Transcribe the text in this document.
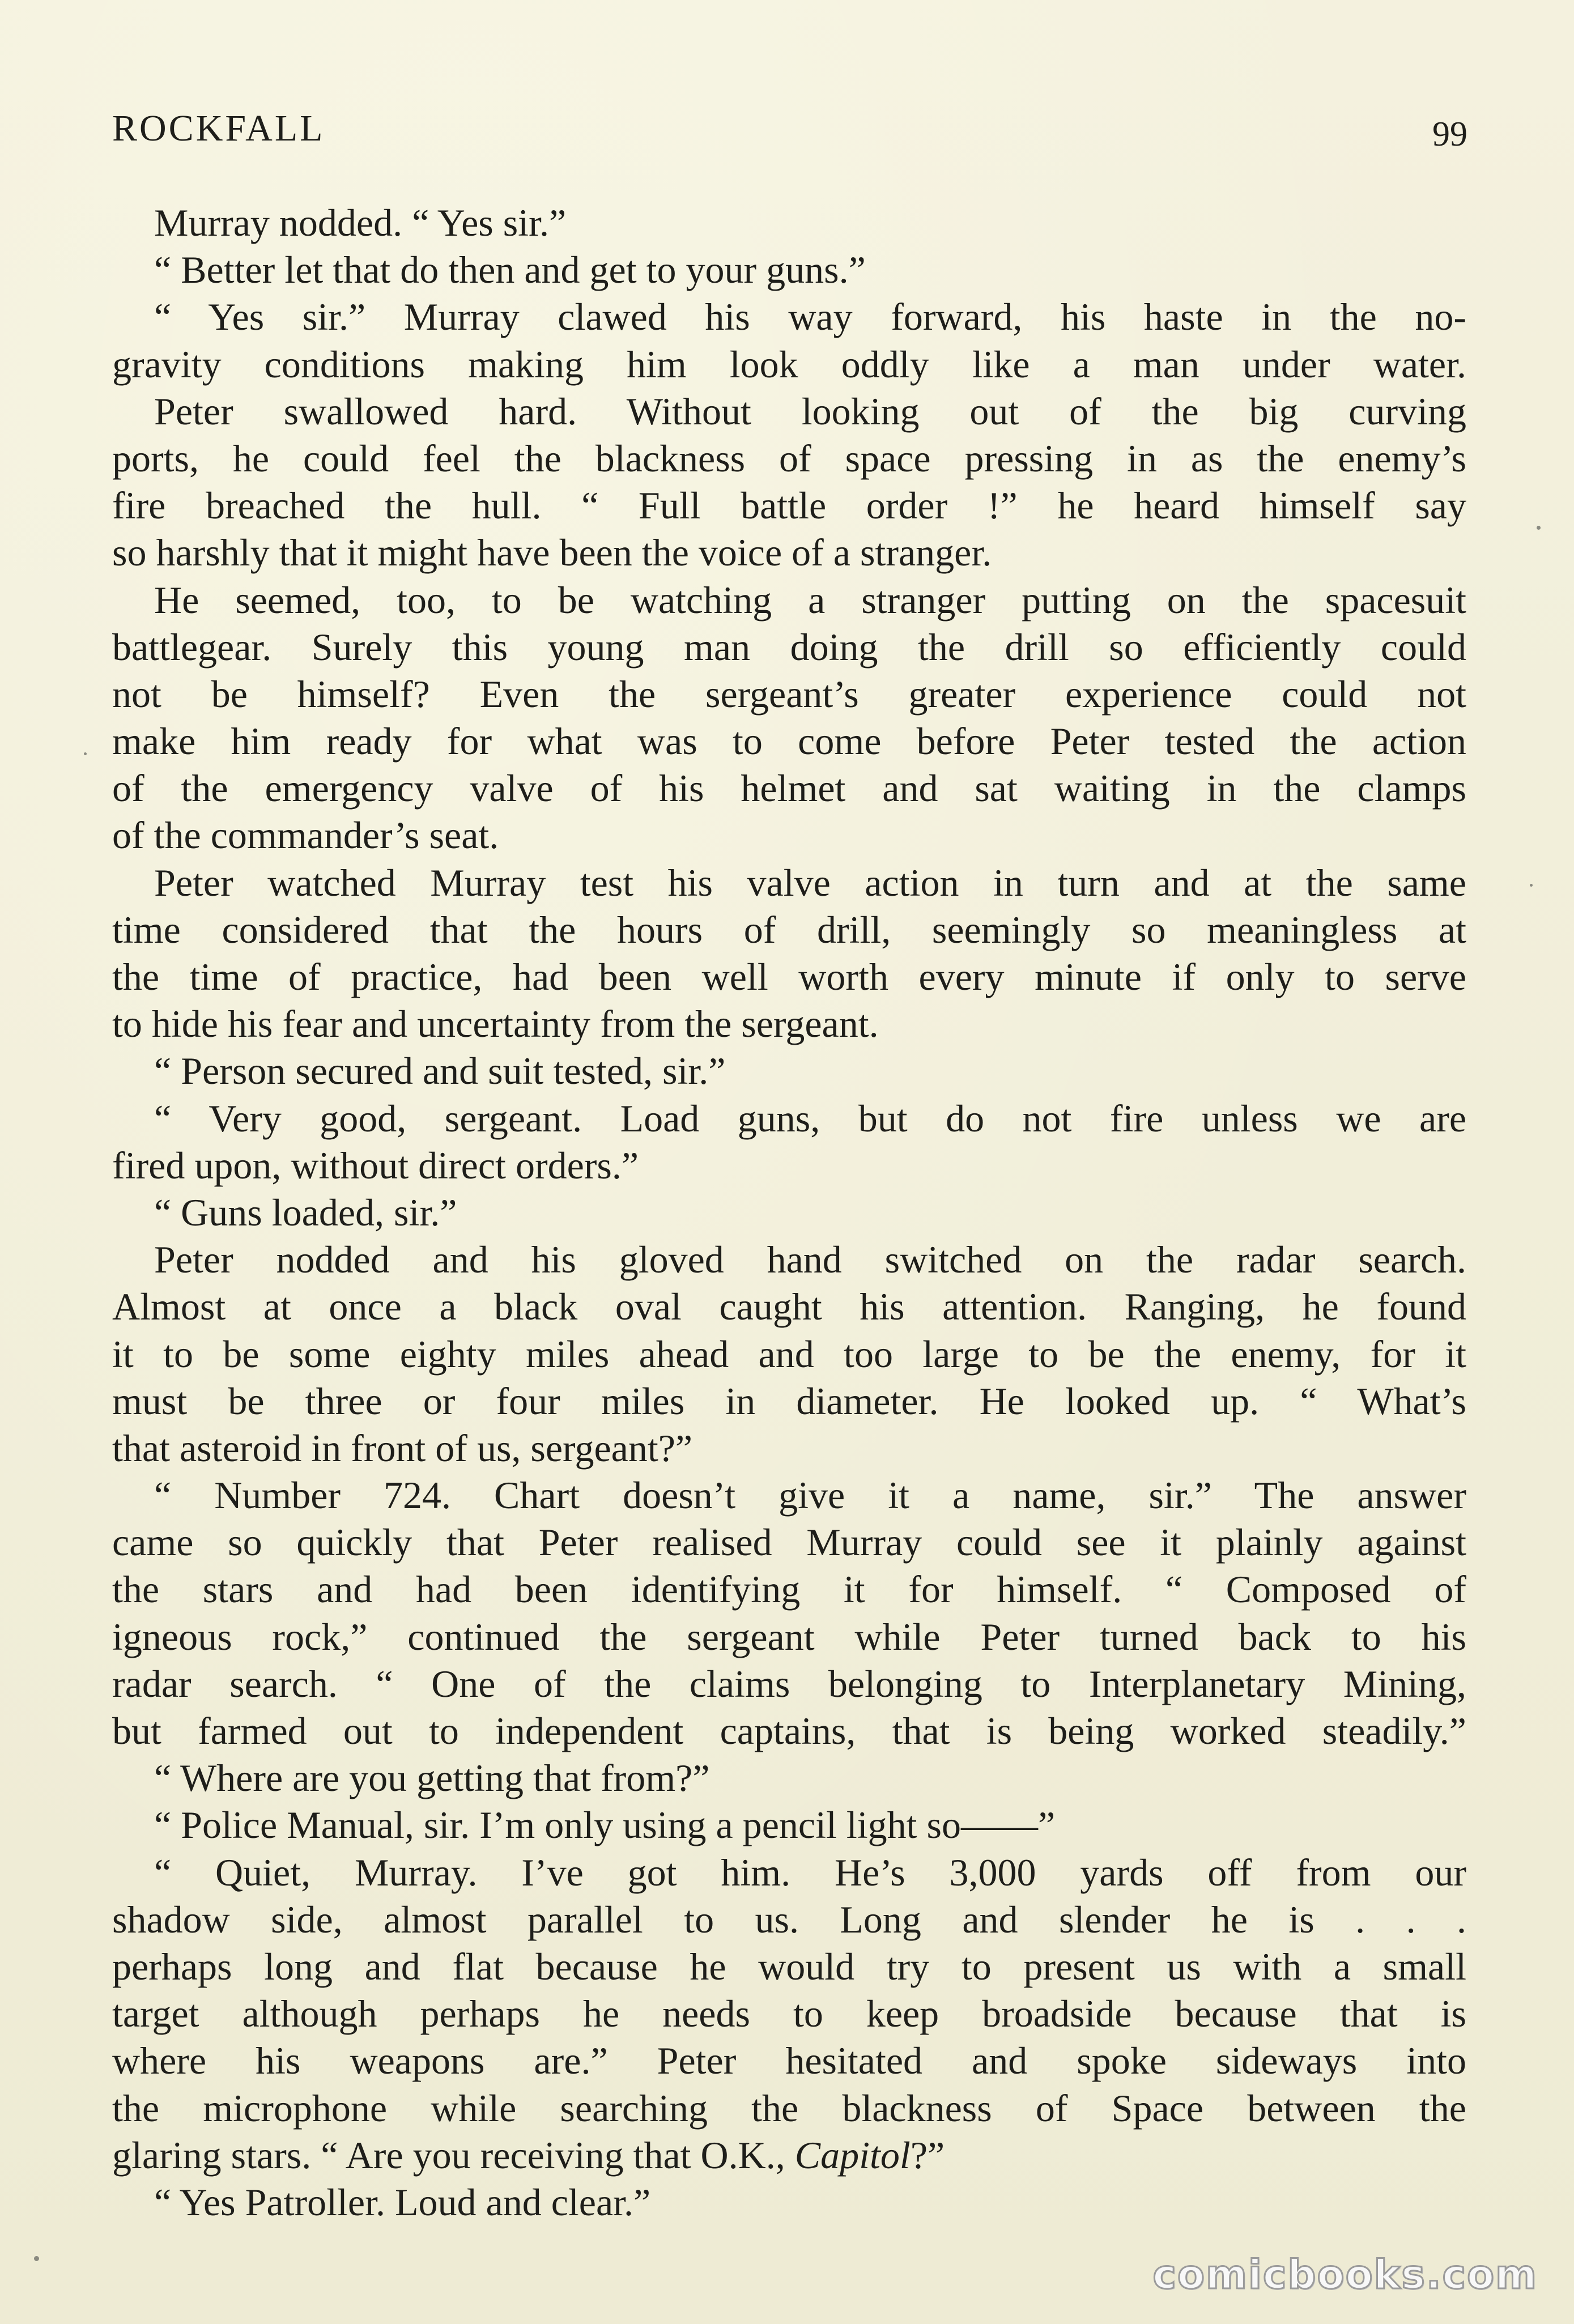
ROCKFALL	99
Murray nodded. “ Yes sir.”
“ Better let that do then and get to your guns.”
“ Yes sir.” Murray clawed his way forward, his haste in the no-
gravity conditions making him look oddly like a man under water.
Peter swallowed hard. Without looking out of the big curving
ports, he could feel the blackness of space pressing in as the enemy’s
fire breached the hull. “ Full battle order !” he heard himself say
so harshly that it might have been the voice of a stranger.
He seemed, too, to be watching a stranger putting on the spacesuit
battlegear. Surely this young man doing the drill so efficiently could
not be himself? Even the sergeant’s greater experience could not
make him ready for what was to come before Peter tested the action
of the emergency valve of his helmet and sat waiting in the clamps
of the commander’s seat.
Peter watched Murray test his valve action in turn and at the same
time considered that the hours of drill, seemingly so meaningless at
the time of practice, had been well worth every minute if only to serve
to hide his fear and uncertainty from the sergeant.
“ Person secured and suit tested, sir.”
“ Very good, sergeant. Load guns, but do not fire unless we are
fired upon, without direct orders.”
“ Guns loaded, sir.”
Peter nodded and his gloved hand switched on the radar search.
Almost at once a black oval caught his attention. Ranging, he found
it to be some eighty miles ahead and too large to be the enemy, for it
must be three or four miles in diameter. He looked up. “ What’s
that asteroid in front of us, sergeant?”
“ Number 724. Chart doesn’t give it a name, sir.” The answer
came so quickly that Peter realised Murray could see it plainly against
the stars and had been identifying it for himself. “ Composed of
igneous rock,” continued the sergeant while Peter turned back to his
radar search. “ One of the claims belonging to Interplanetary Mining,
but farmed out to independent captains, that is being worked steadily.”
“ Where are you getting that from?”
“ Police Manual, sir. I’m only using a pencil light so——”
“ Quiet, Murray. I’ve got him. He’s 3,000 yards off from our
shadow side, almost parallel to us. Long and slender he is . . .
perhaps long and flat because he would try to present us with a small
target although perhaps he needs to keep broadside because that is
where his weapons are.” Peter hesitated and spoke sideways into
the microphone while searching the blackness of Space between the
glaring stars. “ Are you receiving that O.K., Capitol?”
“ Yes Patroller. Loud and clear.”
comicbooks.com
